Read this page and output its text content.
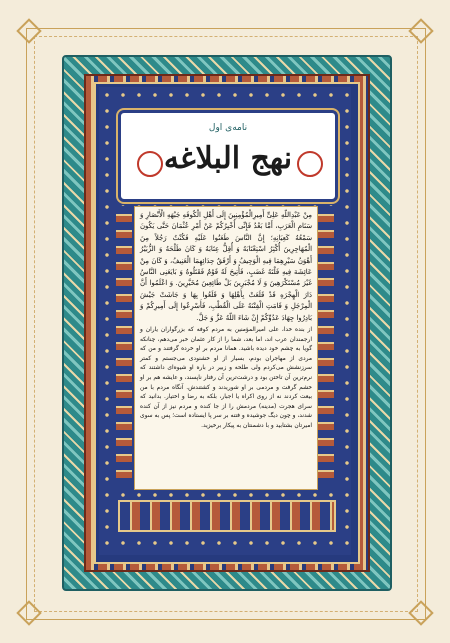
نامه‌ی اول
نهج البلاغه
مِنْ عَبْدِاللّهِ عَلِیٍّ أَمِیرِالْمُؤْمِنِینَ إِلَی أَهْلِ الْکُوفَهِ جَبْهَهِ الْأَنْصَارِ وَ سَنَامِ الْعَرَبِ، أَمَّا بَعْدُ فَإِنِّی أُخْبِرُکُمْ عَنْ أَمْرِ عُثْمَانَ حَتَّی یَکُونَ سَمْعُهُ کَعِیَانِهِ؛ إِنَّ النَّاسَ طَعَنُوا عَلَیْهِ فَکُنْتُ رَجُلاً مِنَ الْمُهَاجِرِینَ أُکْثِرُ اسْتِعْتَابَهُ وَ أُقِلُّ عِتَابَهُ وَ کَانَ طَلْحَهُ وَ الزُّبَیْرُ أَهْوَنُ سَیْرِهِمَا فِیهِ الْوَجِیفُ وَ أَرْفَقُ حِدَائِهِمَا الْعَنِیفُ، وَ کَانَ مِنْ عَائِشَهَ فِیهِ فَلْتَهُ غَضَبٍ، فَأُتِیحَ لَهُ قَوْمٌ فَقَتَلُوهُ وَ بَایَعَنِی النَّاسُ غَیْرَ مُسْتَکْرَهِینَ وَ لَا مُجْبَرِینَ بَلْ طَائِعِینَ مُخَیَّرِینَ. وَ اعْلَمُوا أَنَّ دَارَ الْهِجْرَهِ قَدْ قَلَعَتْ بِأَهْلِهَا وَ قَلَعُوا بِهَا وَ جَاشَتْ جَیْشَ الْمِرْجَلِ وَ قَامَتِ الْفِتْنَهُ عَلَی الْقُطْبِ، فَأَسْرِعُوا إِلَی أَمِیرِکُمْ وَ بَادِرُوا جِهَادَ عَدُوِّکُمْ إِنْ شَاءَ اللّهُ عَزَّ وَ جَلَّ.
از بنده خدا، علی امیرالمؤمنین به مردم کوفه که بزرگواران یاران و ارجمندان عرب اند، اما بعد، شما را از کار عثمان خبر می‌دهم، چنانکه گویا به چشم خود دیده باشید. همانا مردم بر او خرده گرفتند و من که مردی از مهاجران بودم، بسیار از او خشنودی می‌جستم و کمتر سرزنشش می‌کردم ولی طلحه و زبیر در باره او شیوه‌ای داشتند که نرم‌ترین آن تاختن بود و درشت‌ترین آن رفتار ناپسند، و عایشه هم بر او خشم گرفت و مردمی بر او شوریدند و کشتندش. آنگاه مردم با من بیعت کردند نه از روی اکراه یا اجبار، بلکه به رضا و اختیار. بدانید که سرای هجرت (مدینه) مردمش را از جا کنده و مردم نیز از آن کنده شدند، و چون دیگ جوشیده و فتنه بر سر پا ایستاده است؛ پس به سوی امیرتان بشتابید و با دشمنتان به پیکار برخیزید.
